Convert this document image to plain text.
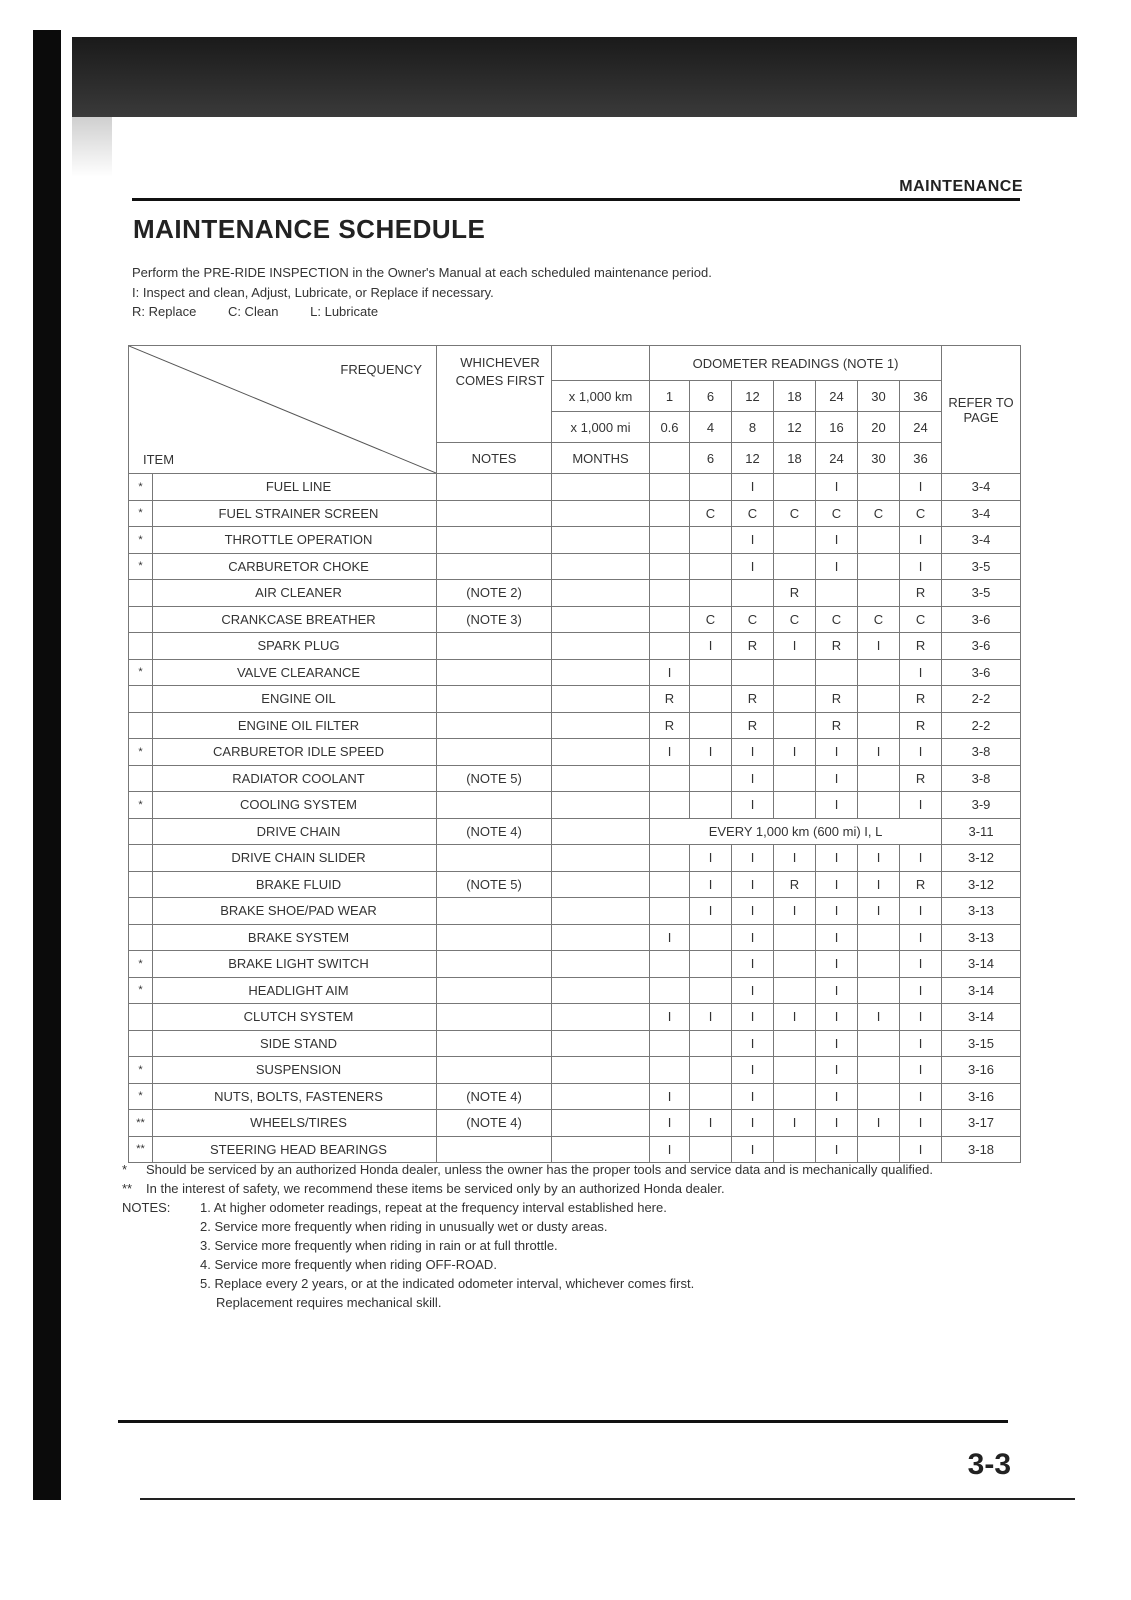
MAINTENANCE
MAINTENANCE SCHEDULE
Perform the PRE-RIDE INSPECTION in the Owner's Manual at each scheduled maintenance period.
I: Inspect and clean, Adjust, Lubricate, or Replace if necessary.
R: Replace C: Clean L: Lubricate
FREQUENCY
ITEM		WHICHEVER COMES FIRST		ODOMETER READINGS (NOTE 1)							REFER TO PAGE
			x 1,000 km	1	6	12	18	24	30	36	
			x 1,000 mi	0.6	4	8	12	16	20	24	
		NOTES	MONTHS		6	12	18	24	30	36	
*	FUEL LINE					I		I		I	3-4
*	FUEL STRAINER SCREEN				C	C	C	C	C	C	3-4
*	THROTTLE OPERATION					I		I		I	3-4
*	CARBURETOR CHOKE					I		I		I	3-5
	AIR CLEANER	(NOTE 2)					R			R	3-5
	CRANKCASE BREATHER	(NOTE 3)			C	C	C	C	C	C	3-6
	SPARK PLUG				I	R	I	R	I	R	3-6
*	VALVE CLEARANCE			I						I	3-6
	ENGINE OIL			R		R		R		R	2-2
	ENGINE OIL FILTER			R		R		R		R	2-2
*	CARBURETOR IDLE SPEED			I	I	I	I	I	I	I	3-8
	RADIATOR COOLANT	(NOTE 5)				I		I		R	3-8
*	COOLING SYSTEM					I		I		I	3-9
	DRIVE CHAIN	(NOTE 4)		EVERY 1,000 km (600 mi) I, L							3-11
	DRIVE CHAIN SLIDER				I	I	I	I	I	I	3-12
	BRAKE FLUID	(NOTE 5)			I	I	R	I	I	R	3-12
	BRAKE SHOE/PAD WEAR				I	I	I	I	I	I	3-13
	BRAKE SYSTEM			I		I		I		I	3-13
*	BRAKE LIGHT SWITCH					I		I		I	3-14
*	HEADLIGHT AIM					I		I		I	3-14
	CLUTCH SYSTEM			I	I	I	I	I	I	I	3-14
	SIDE STAND					I		I		I	3-15
*	SUSPENSION					I		I		I	3-16
*	NUTS, BOLTS, FASTENERS	(NOTE 4)		I		I		I		I	3-16
**	WHEELS/TIRES	(NOTE 4)		I	I	I	I	I	I	I	3-17
**	STEERING HEAD BEARINGS			I		I		I		I	3-18
* Should be serviced by an authorized Honda dealer, unless the owner has the proper tools and service data and is mechanically qualified.
** In the interest of safety, we recommend these items be serviced only by an authorized Honda dealer.
NOTES: 1. At higher odometer readings, repeat at the frequency interval established here.
2. Service more frequently when riding in unusually wet or dusty areas.
3. Service more frequently when riding in rain or at full throttle.
4. Service more frequently when riding OFF-ROAD.
5. Replace every 2 years, or at the indicated odometer interval, whichever comes first.
Replacement requires mechanical skill.
3-3
